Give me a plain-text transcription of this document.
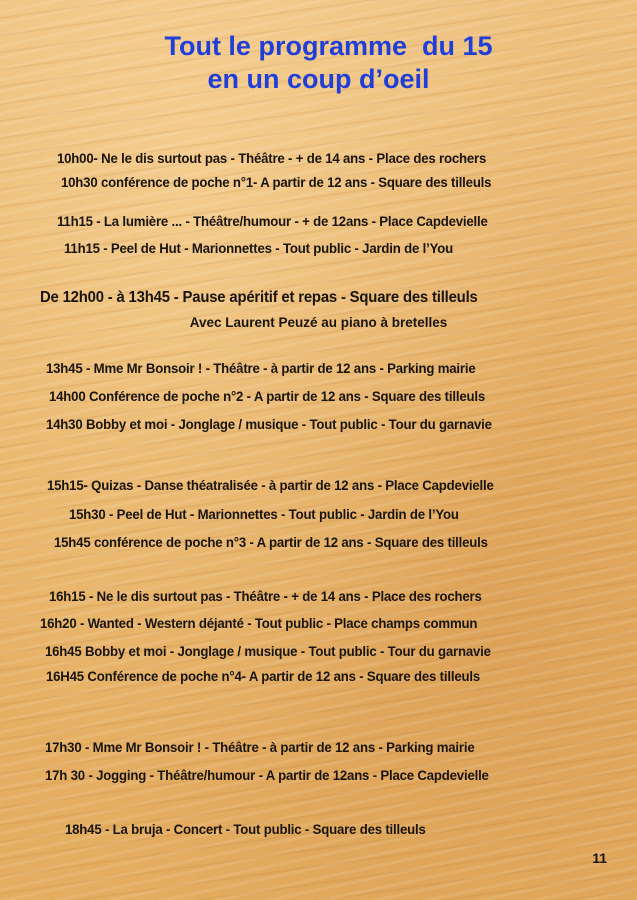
Tout le programme  du 15
en un coup d’oeil
10h00- Ne le dis surtout pas - Théâtre - + de 14 ans - Place des rochers
10h30 conférence de poche n°1- A partir de 12 ans - Square des tilleuls
11h15 - La lumière ... - Théâtre/humour - + de 12ans - Place Capdevielle
11h15 - Peel de Hut - Marionnettes - Tout public - Jardin de l’You
De 12h00 - à 13h45 - Pause apéritif et repas - Square des tilleuls
Avec Laurent Peuzé au piano à bretelles
13h45 - Mme Mr Bonsoir ! - Théâtre - à partir de 12 ans - Parking mairie
14h00 Conférence de poche n°2 - A partir de 12 ans - Square des tilleuls
14h30 Bobby et moi - Jonglage / musique - Tout public - Tour du garnavie
15h15- Quizas - Danse théatralisée - à partir de 12 ans - Place Capdevielle
15h30 - Peel de Hut - Marionnettes - Tout public - Jardin de l’You
15h45 conférence de poche n°3 - A partir de 12 ans - Square des tilleuls
16h15 - Ne le dis surtout pas - Théâtre - + de 14 ans - Place des rochers
16h20 - Wanted - Western déjanté - Tout public - Place champs commun
16h45 Bobby et moi - Jonglage / musique - Tout public - Tour du garnavie
16H45 Conférence de poche n°4- A partir de 12 ans - Square des tilleuls
17h30 - Mme Mr Bonsoir ! - Théâtre - à partir de 12 ans - Parking mairie
17h 30 - Jogging - Théâtre/humour - A partir de 12ans - Place Capdevielle
18h45 - La bruja - Concert - Tout public - Square des tilleuls
11
